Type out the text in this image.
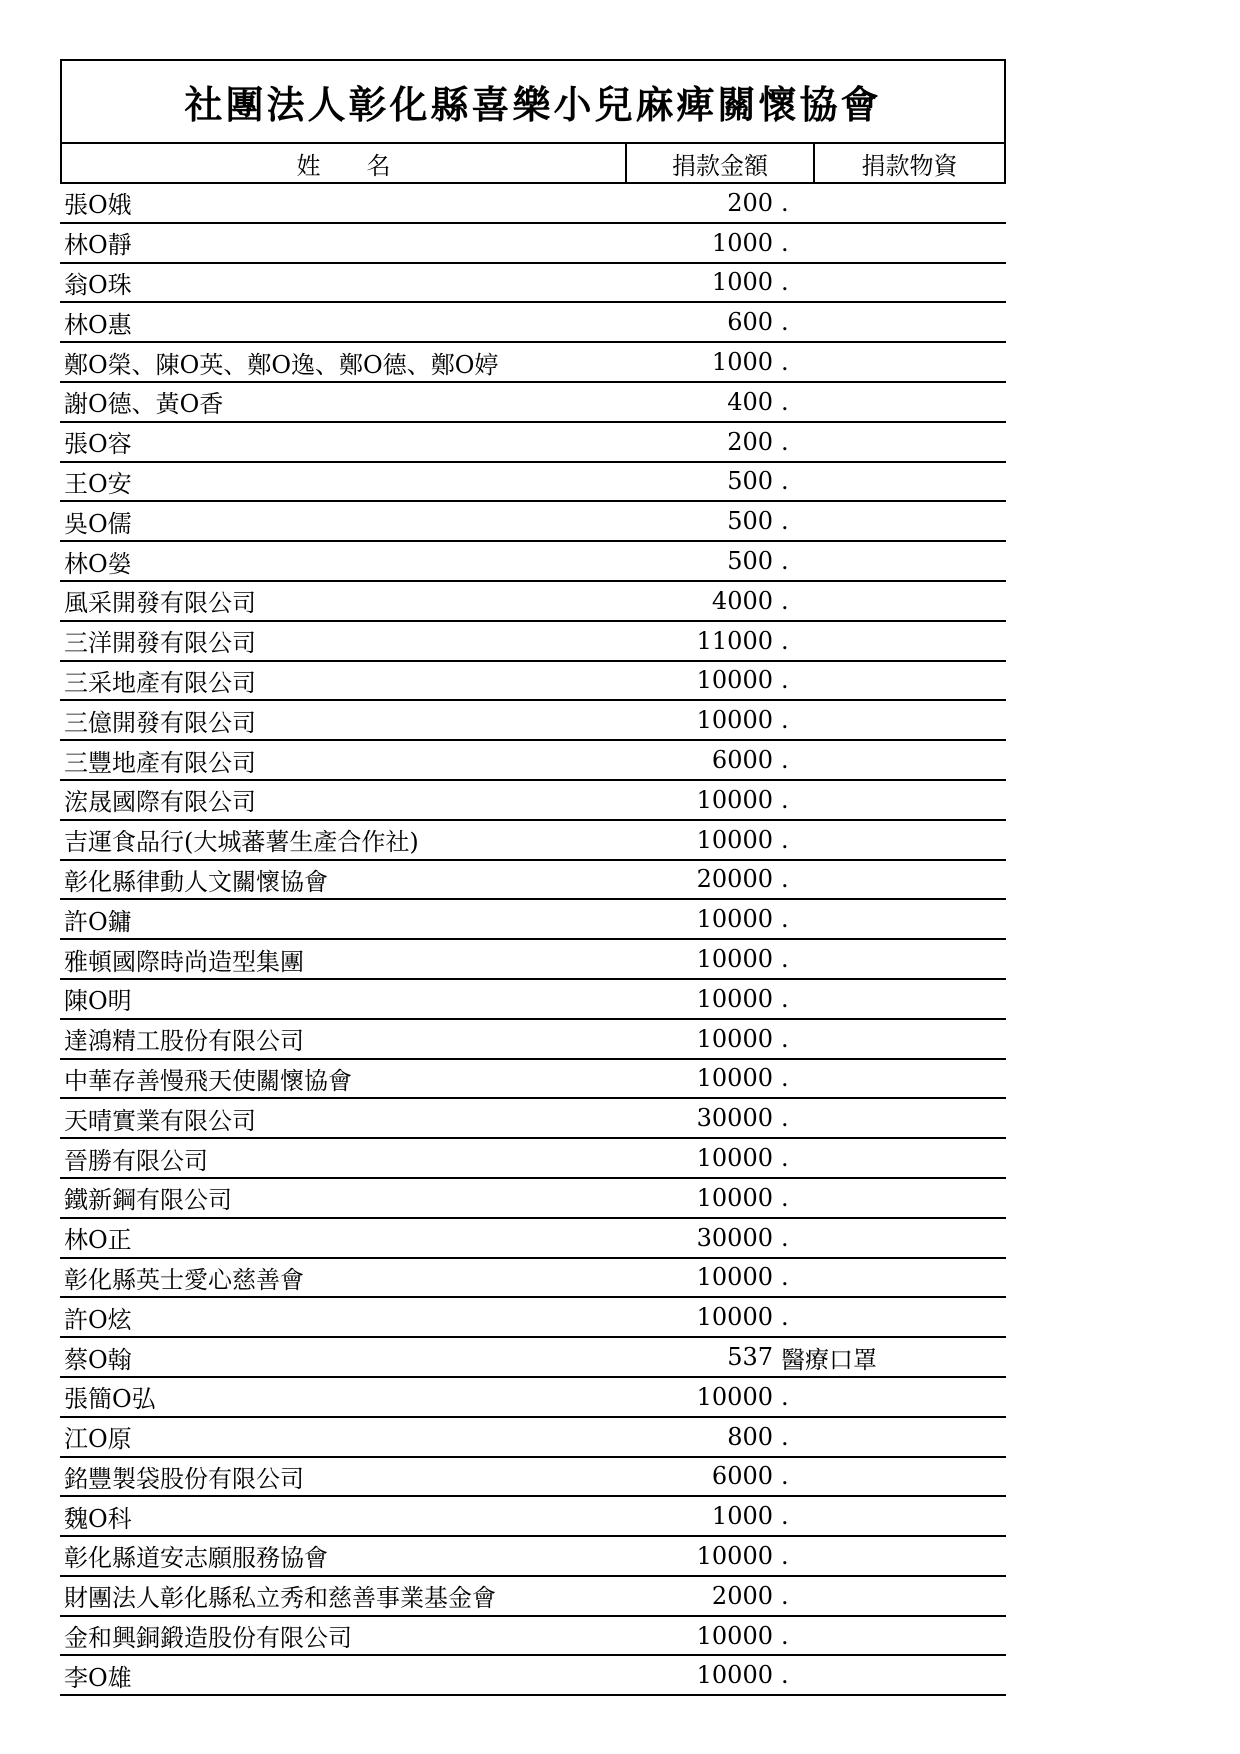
社團法人彰化縣喜樂小兒麻痺關懷協會
姓名	捐款金額	捐款物資
張O娥	200 .
林O靜	1000 .
翁O珠	1000 .
林O惠	600 .
鄭O榮、陳O英、鄭O逸、鄭O德、鄭O婷	1000 .
謝O德、黃O香	400 .
張O容	200 .
王O安	500 .
吳O儒	500 .
林O嫈	500 .
風采開發有限公司	4000 .
三洋開發有限公司	11000 .
三采地產有限公司	10000 .
三億開發有限公司	10000 .
三豐地產有限公司	6000 .
浤晟國際有限公司	10000 .
吉運食品行(大城蕃薯生產合作社)	10000 .
彰化縣律動人文關懷協會	20000 .
許O鏞	10000 .
雅頓國際時尚造型集團	10000 .
陳O明	10000 .
達鴻精工股份有限公司	10000 .
中華存善慢飛天使關懷協會	10000 .
天晴實業有限公司	30000 .
晉勝有限公司	10000 .
鐵新鋼有限公司	10000 .
林O正	30000 .
彰化縣英士愛心慈善會	10000 .
許O炫	10000 .
蔡O翰	537 醫療口罩
張簡O弘	10000 .
江O原	800 .
銘豐製袋股份有限公司	6000 .
魏O科	1000 .
彰化縣道安志願服務協會	10000 .
財團法人彰化縣私立秀和慈善事業基金會	2000 .
金和興銅鍛造股份有限公司	10000 .
李O雄	10000 .
